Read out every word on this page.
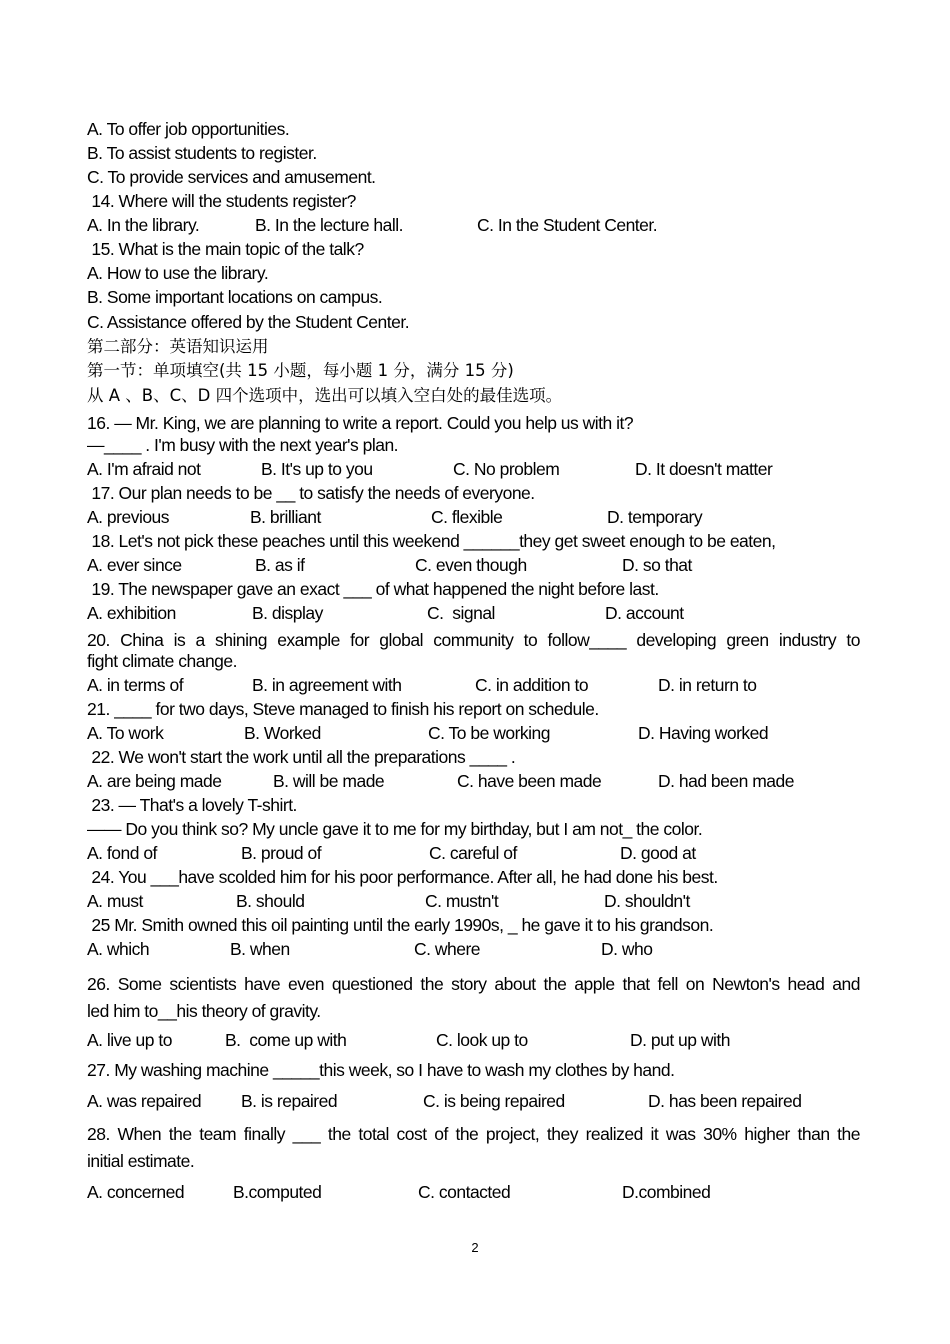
A. To offer job opportunities.
B. To assist students to register.
C. To provide services and amusement.
14. Where will the students register?
A. In the library.	B. In the lecture hall.	C. In the Student Center.
15. What is the main topic of the talk?
A. How to use the library.
B. Some important locations on campus.
C. Assistance offered by the Student Center.
第二部分：英语知识运用
第一节：单项填空(共 15 小题，每小题 1 分，满分 15 分)
从 A 、B、C、D 四个选项中，选出可以填入空白处的最佳选项。
16. — Mr. King, we are planning to write a report. Could you help us with it?
—____ . I'm busy with the next year's plan.
A. I'm afraid not	B. It's up to you	C. No problem	D. It doesn't matter
17. Our plan needs to be __ to satisfy the needs of everyone.
A. previous	B. brilliant	C. flexible	D. temporary
18. Let's not pick these peaches until this weekend ______they get sweet enough to be eaten,
A. ever since	B. as if	C. even though	D. so that
19. The newspaper gave an exact ___ of what happened the night before last.
A. exhibition	B. display	C.  signal	D. account
20. China is a shining example for global community to follow____ developing green industry to
fight climate change.
A. in terms of	B. in agreement with	C. in addition to	D. in return to
21. ____ for two days, Steve managed to finish his report on schedule.
A. To work	B. Worked	C. To be working	D. Having worked
22. We won't start the work until all the preparations ____ .
A. are being made	B. will be made	C. have been made	D. had been made
23. — That's a lovely T-shirt.
—— Do you think so? My uncle gave it to me for my birthday, but I am not_ the color.
A. fond of	B. proud of	C. careful of	D. good at
24. You ___have scolded him for his poor performance. After all, he had done his best.
A. must	B. should	C. mustn't	D. shouldn't
25 Mr. Smith owned this oil painting until the early 1990s, _ he gave it to his grandson.
A. which	B. when	C. where	D. who
26. Some scientists have even questioned the story about the apple that fell on Newton's head and
led him to__his theory of gravity.
A. live up to	B.  come up with	C. look up to	D. put up with
27. My washing machine _____this week, so I have to wash my clothes by hand.
A. was repaired B. is repaired	C. is being repaired	D. has been repaired
28. When the team finally ___ the total cost of the project, they realized it was 30% higher than the
initial estimate.
A. concerned	B.computed	C. contacted	D.combined
2
